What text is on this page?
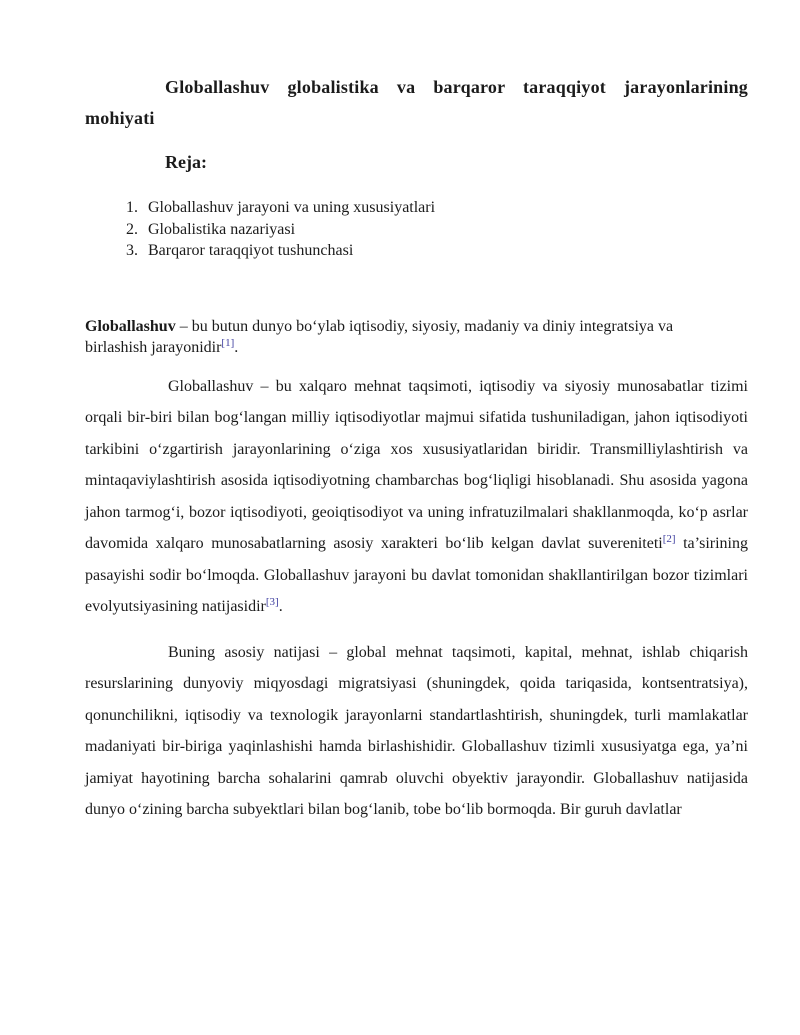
Globallashuv globalistika va barqaror taraqqiyot jarayonlarining mohiyati

Reja:

1. Globallashuv jarayoni va uning xususiyatlari
2. Globalistika nazariyasi
3. Barqaror taraqqiyot tushunchasi

Globallashuv – bu butun dunyo boʻylab iqtisodiy, siyosiy, madaniy va diniy integratsiya va birlashish jarayonidir[1].

Globallashuv – bu xalqaro mehnat taqsimoti, iqtisodiy va siyosiy munosabatlar tizimi orqali bir-biri bilan bogʻlangan milliy iqtisodiyotlar majmui sifatida tushuniladigan, jahon iqtisodiyoti tarkibini oʻzgartirish jarayonlarining oʻziga xos xususiyatlaridan biridir. Transmilliylashtirish va mintaqaviylashtirish asosida iqtisodiyotning chambarchas bogʻliqligi hisoblanadi. Shu asosida yagona jahon tarmogʻi, bozor iqtisodiyoti, geoiqtisodiyot va uning infratuzilmalari shakllanmoqda, koʻp asrlar davomida xalqaro munosabatlarning asosiy xarakteri boʻlib kelgan davlat suvereniteti[2] ta’sirining pasayishi sodir boʻlmoqda. Globallashuv jarayoni bu davlat tomonidan shakllantirilgan bozor tizimlari evolyutsiyasining natijasidir[3].

Buning asosiy natijasi – global mehnat taqsimoti, kapital, mehnat, ishlab chiqarish resurslarining dunyoviy miqyosdagi migratsiyasi (shuningdek, qoida tariqasida, kontsentratsiya), qonunchilikni, iqtisodiy va texnologik jarayonlarni standartlashtirish, shuningdek, turli mamlakatlar madaniyati bir-biriga yaqinlashishi hamda birlashishidir. Globallashuv tizimli xususiyatga ega, ya’ni jamiyat hayotining barcha sohalarini qamrab oluvchi obyektiv jarayondir. Globallashuv natijasida dunyo oʻzining barcha subyektlari bilan bogʻlanib, tobe boʻlib bormoqda. Bir guruh davlatlar
